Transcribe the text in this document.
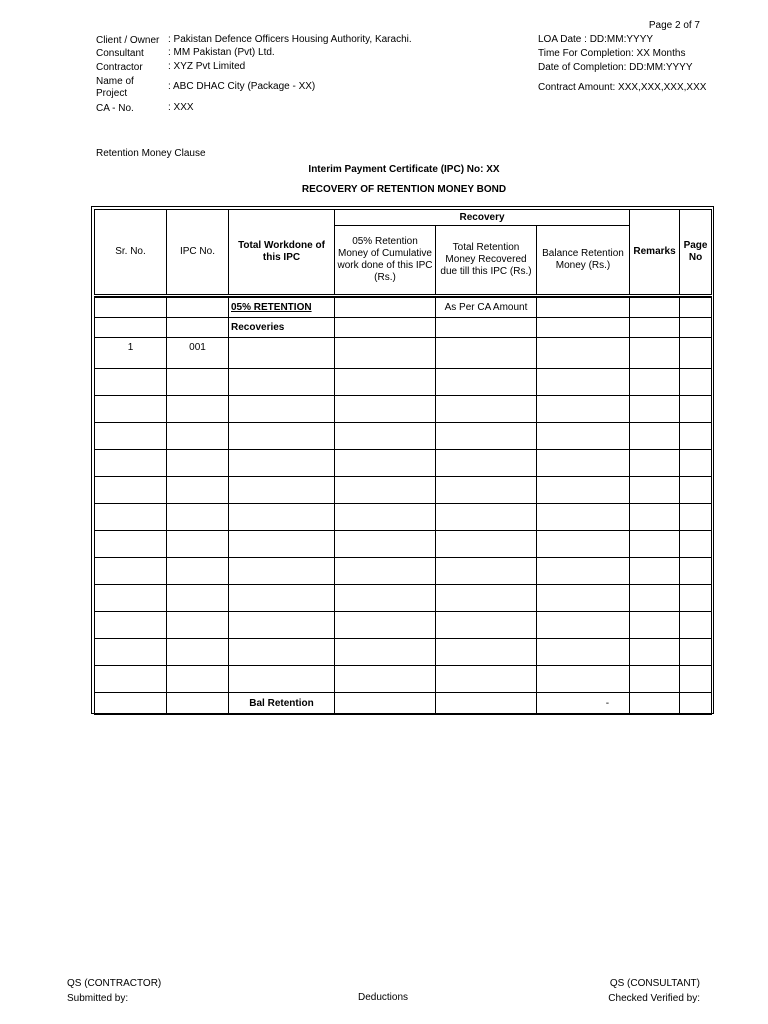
Page 2 of 7
Client / Owner : Pakistan Defence Officers Housing Authority, Karachi.
Consultant : MM Pakistan (Pvt) Ltd.
Contractor	: XYZ Pvt Limited
Name of Project
: ABC DHAC City (Package - XX)
CA - No.	: XXX
LOA Date : DD:MM:YYYY
Time For Completion: XX Months
Date of Completion: DD:MM:YYYY
Contract Amount: XXX,XXX,XXX,XXX
Retention Money Clause
Interim Payment Certificate (IPC) No: XX
RECOVERY OF RETENTION MONEY BOND
Sr. No.	IPC No.	Total Workdone of this IPC	Recovery			Remarks	Page No
			05% Retention Money of Cumulative work done of this IPC (Rs.)	Total Retention Money Recovered due till this IPC (Rs.)	Balance Retention Money (Rs.)		

		05% RETENTION		As Per CA Amount			
		Recoveries					
1	001						

		Bal Retention			-		
QS (CONTRACTOR)
Submitted by:	Deductions
QS (CONSULTANT)
Checked Verified by:
